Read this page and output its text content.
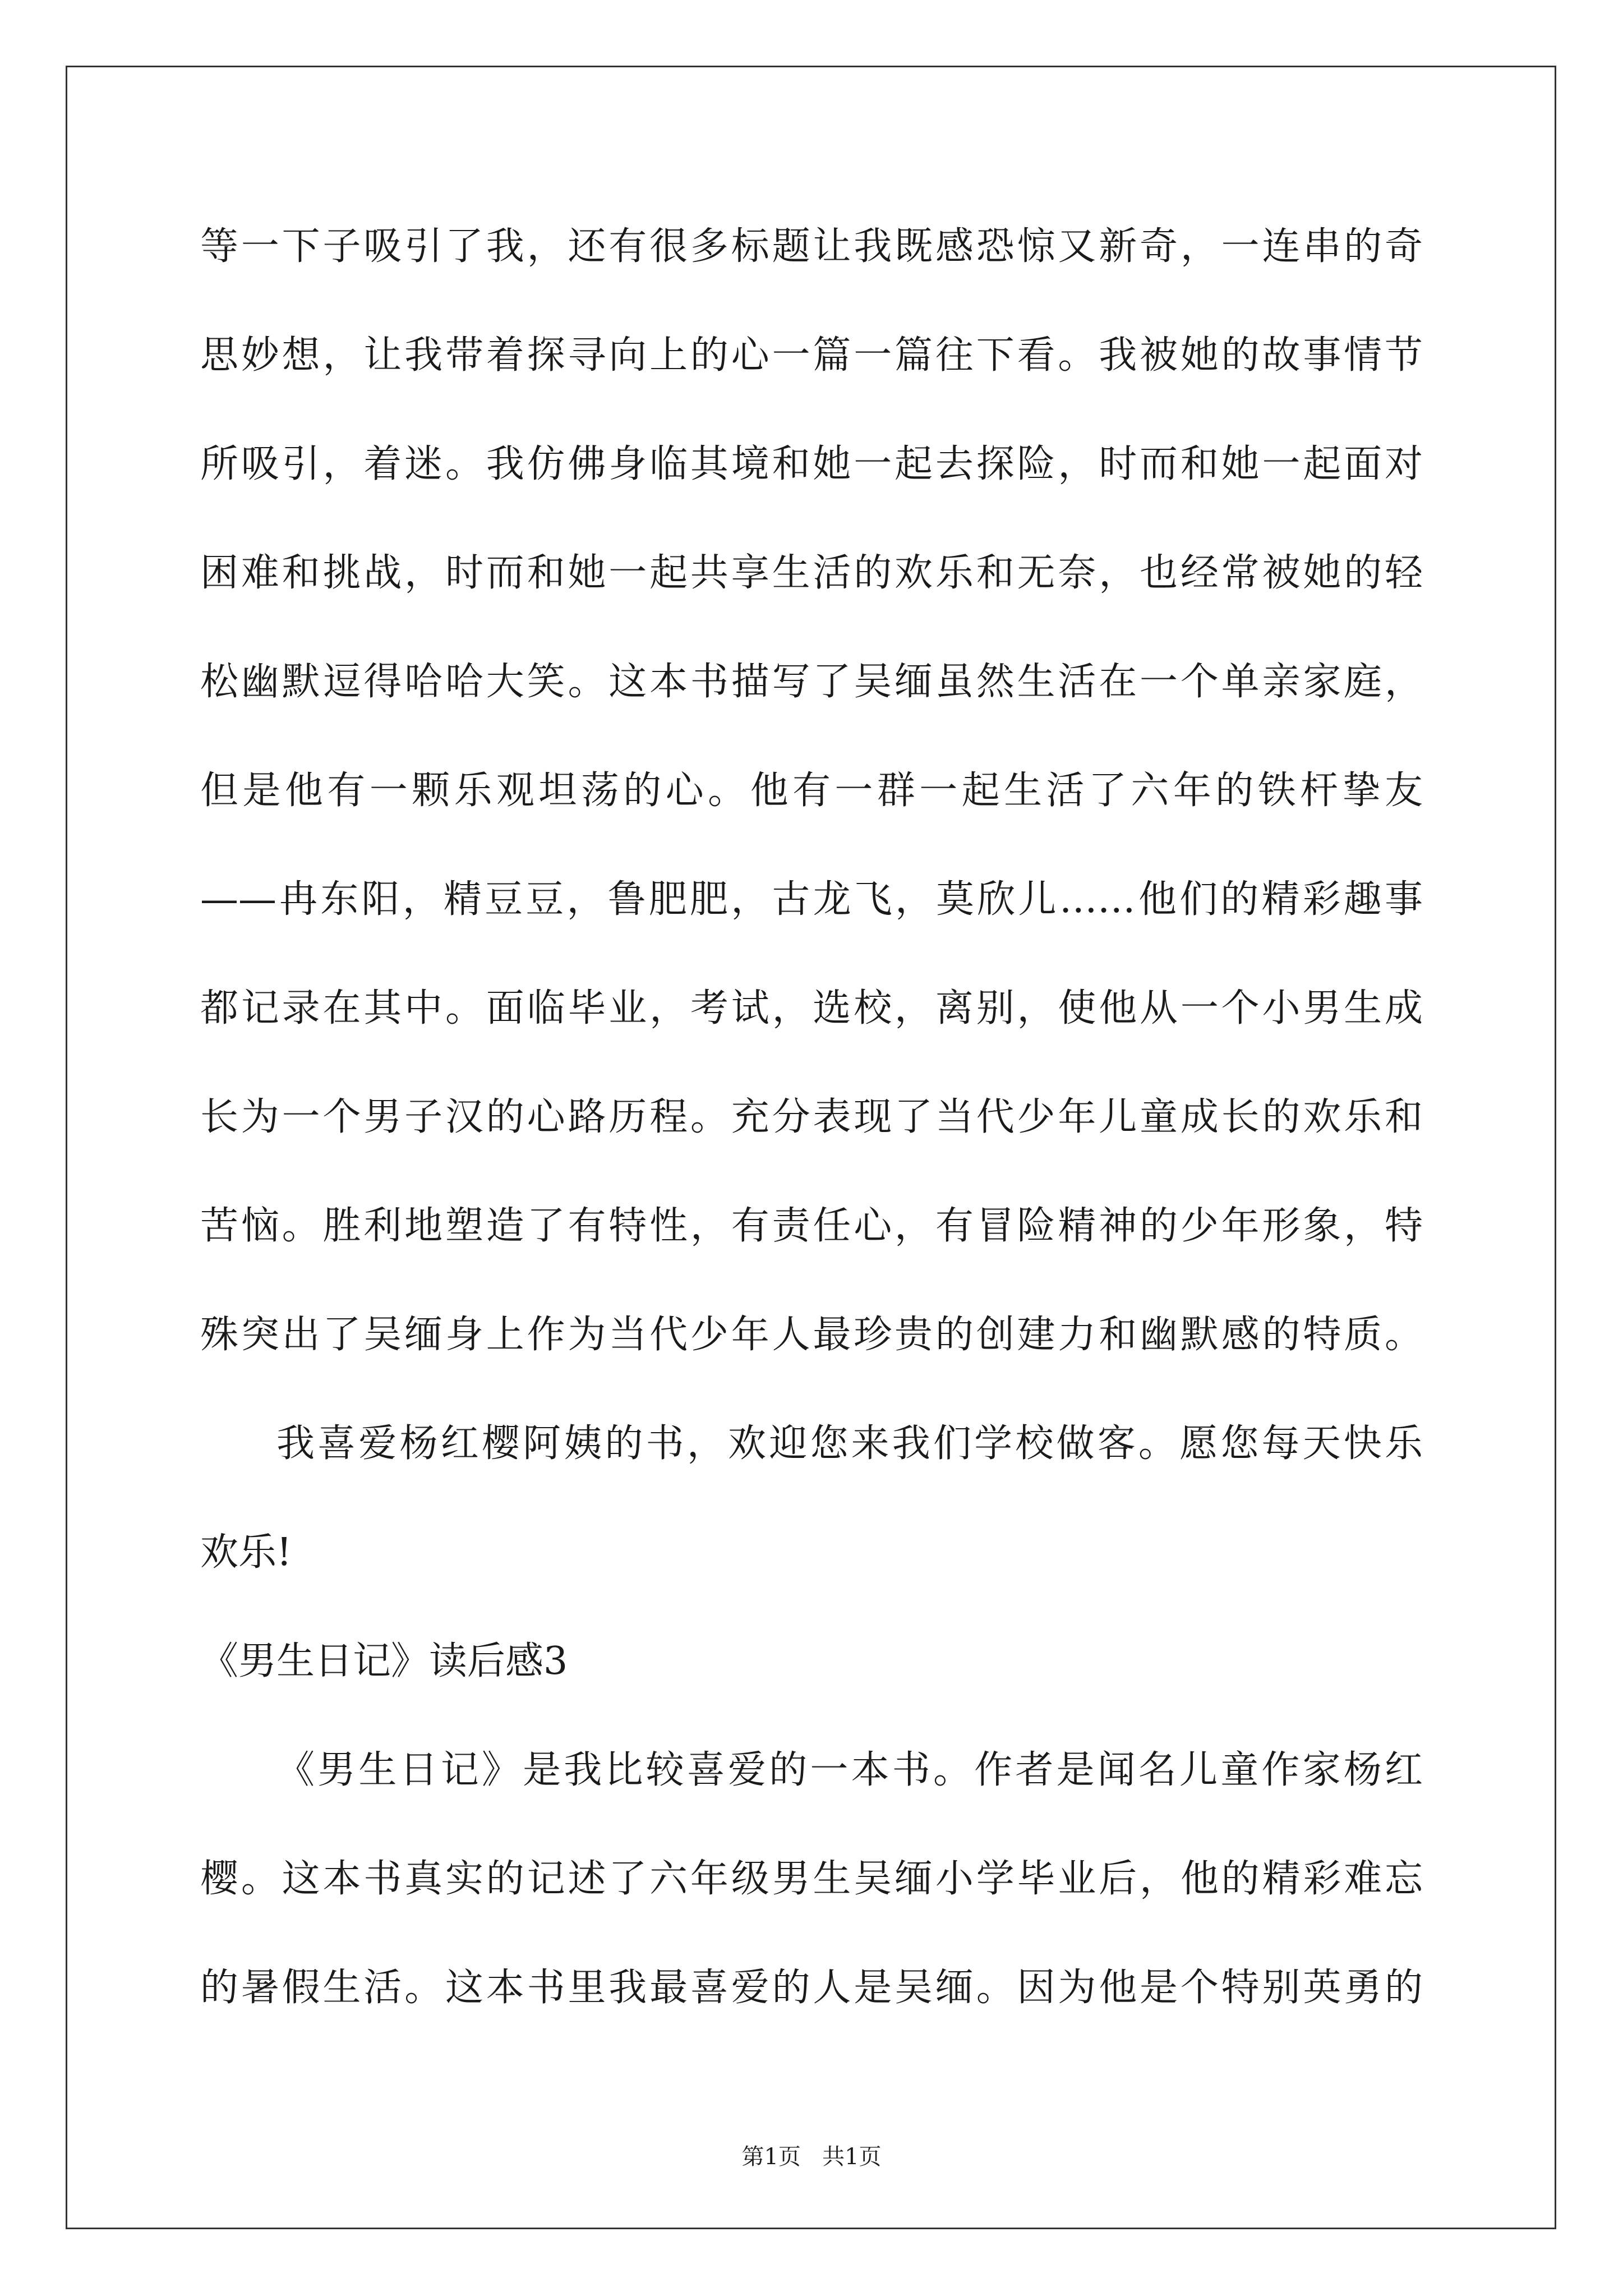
等一下子吸引了我，还有很多标题让我既感恐惊又新奇，一连串的奇
思妙想，让我带着探寻向上的心一篇一篇往下看。我被她的故事情节
所吸引，着迷。我仿佛身临其境和她一起去探险，时而和她一起面对
困难和挑战，时而和她一起共享生活的欢乐和无奈，也经常被她的轻
松幽默逗得哈哈大笑。这本书描写了吴缅虽然生活在一个单亲家庭，
但是他有一颗乐观坦荡的心。他有一群一起生活了六年的铁杆挚友
——冉东阳，精豆豆，鲁肥肥，古龙飞，莫欣儿……他们的精彩趣事
都记录在其中。面临毕业，考试，选校，离别，使他从一个小男生成
长为一个男子汉的心路历程。充分表现了当代少年儿童成长的欢乐和
苦恼。胜利地塑造了有特性，有责任心，有冒险精神的少年形象，特
殊突出了吴缅身上作为当代少年人最珍贵的创建力和幽默感的特质。
我喜爱杨红樱阿姨的书，欢迎您来我们学校做客。愿您每天快乐
欢乐!
《男生日记》读后感3
《男生日记》是我比较喜爱的一本书。作者是闻名儿童作家杨红
樱。这本书真实的记述了六年级男生吴缅小学毕业后，他的精彩难忘
的暑假生活。这本书里我最喜爱的人是吴缅。因为他是个特别英勇的
第1页 共1页
